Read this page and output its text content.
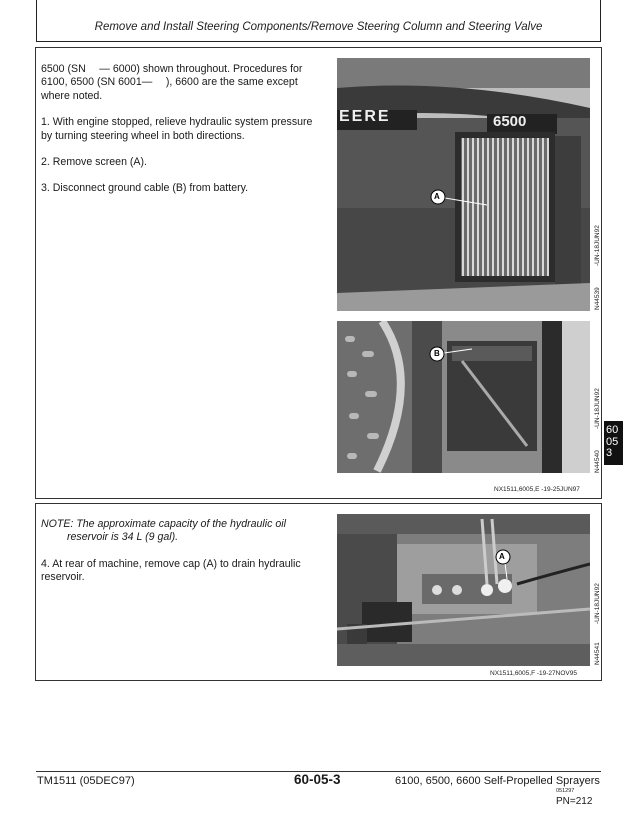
Remove and Install Steering Components/Remove Steering Column and Steering Valve

6500 (SN  — 6000) shown throughout. Procedures for 6100, 6500 (SN 6001—  ), 6600 are the same except where noted.

1. With engine stopped, relieve hydraulic system pressure by turning steering wheel in both directions.

2. Remove screen (A).

3. Disconnect ground cable (B) from battery.

EERE	6500
A
N44539
-UN-18JUN92
B
N44540
-UN-18JUN92
NX1511,6005,E -19-25JUN97

NOTE: The approximate capacity of the hydraulic oil
reservoir is 34 L (9 gal).

4. At rear of machine, remove cap (A) to drain hydraulic reservoir.

A
N44541
-UN-18JUN92
NX1511,6005,F -19-27NOV95
60
05
3
TM1511 (05DEC97)	60-05-3	6100, 6500, 6600 Self-Propelled Sprayers
051297
PN=212
